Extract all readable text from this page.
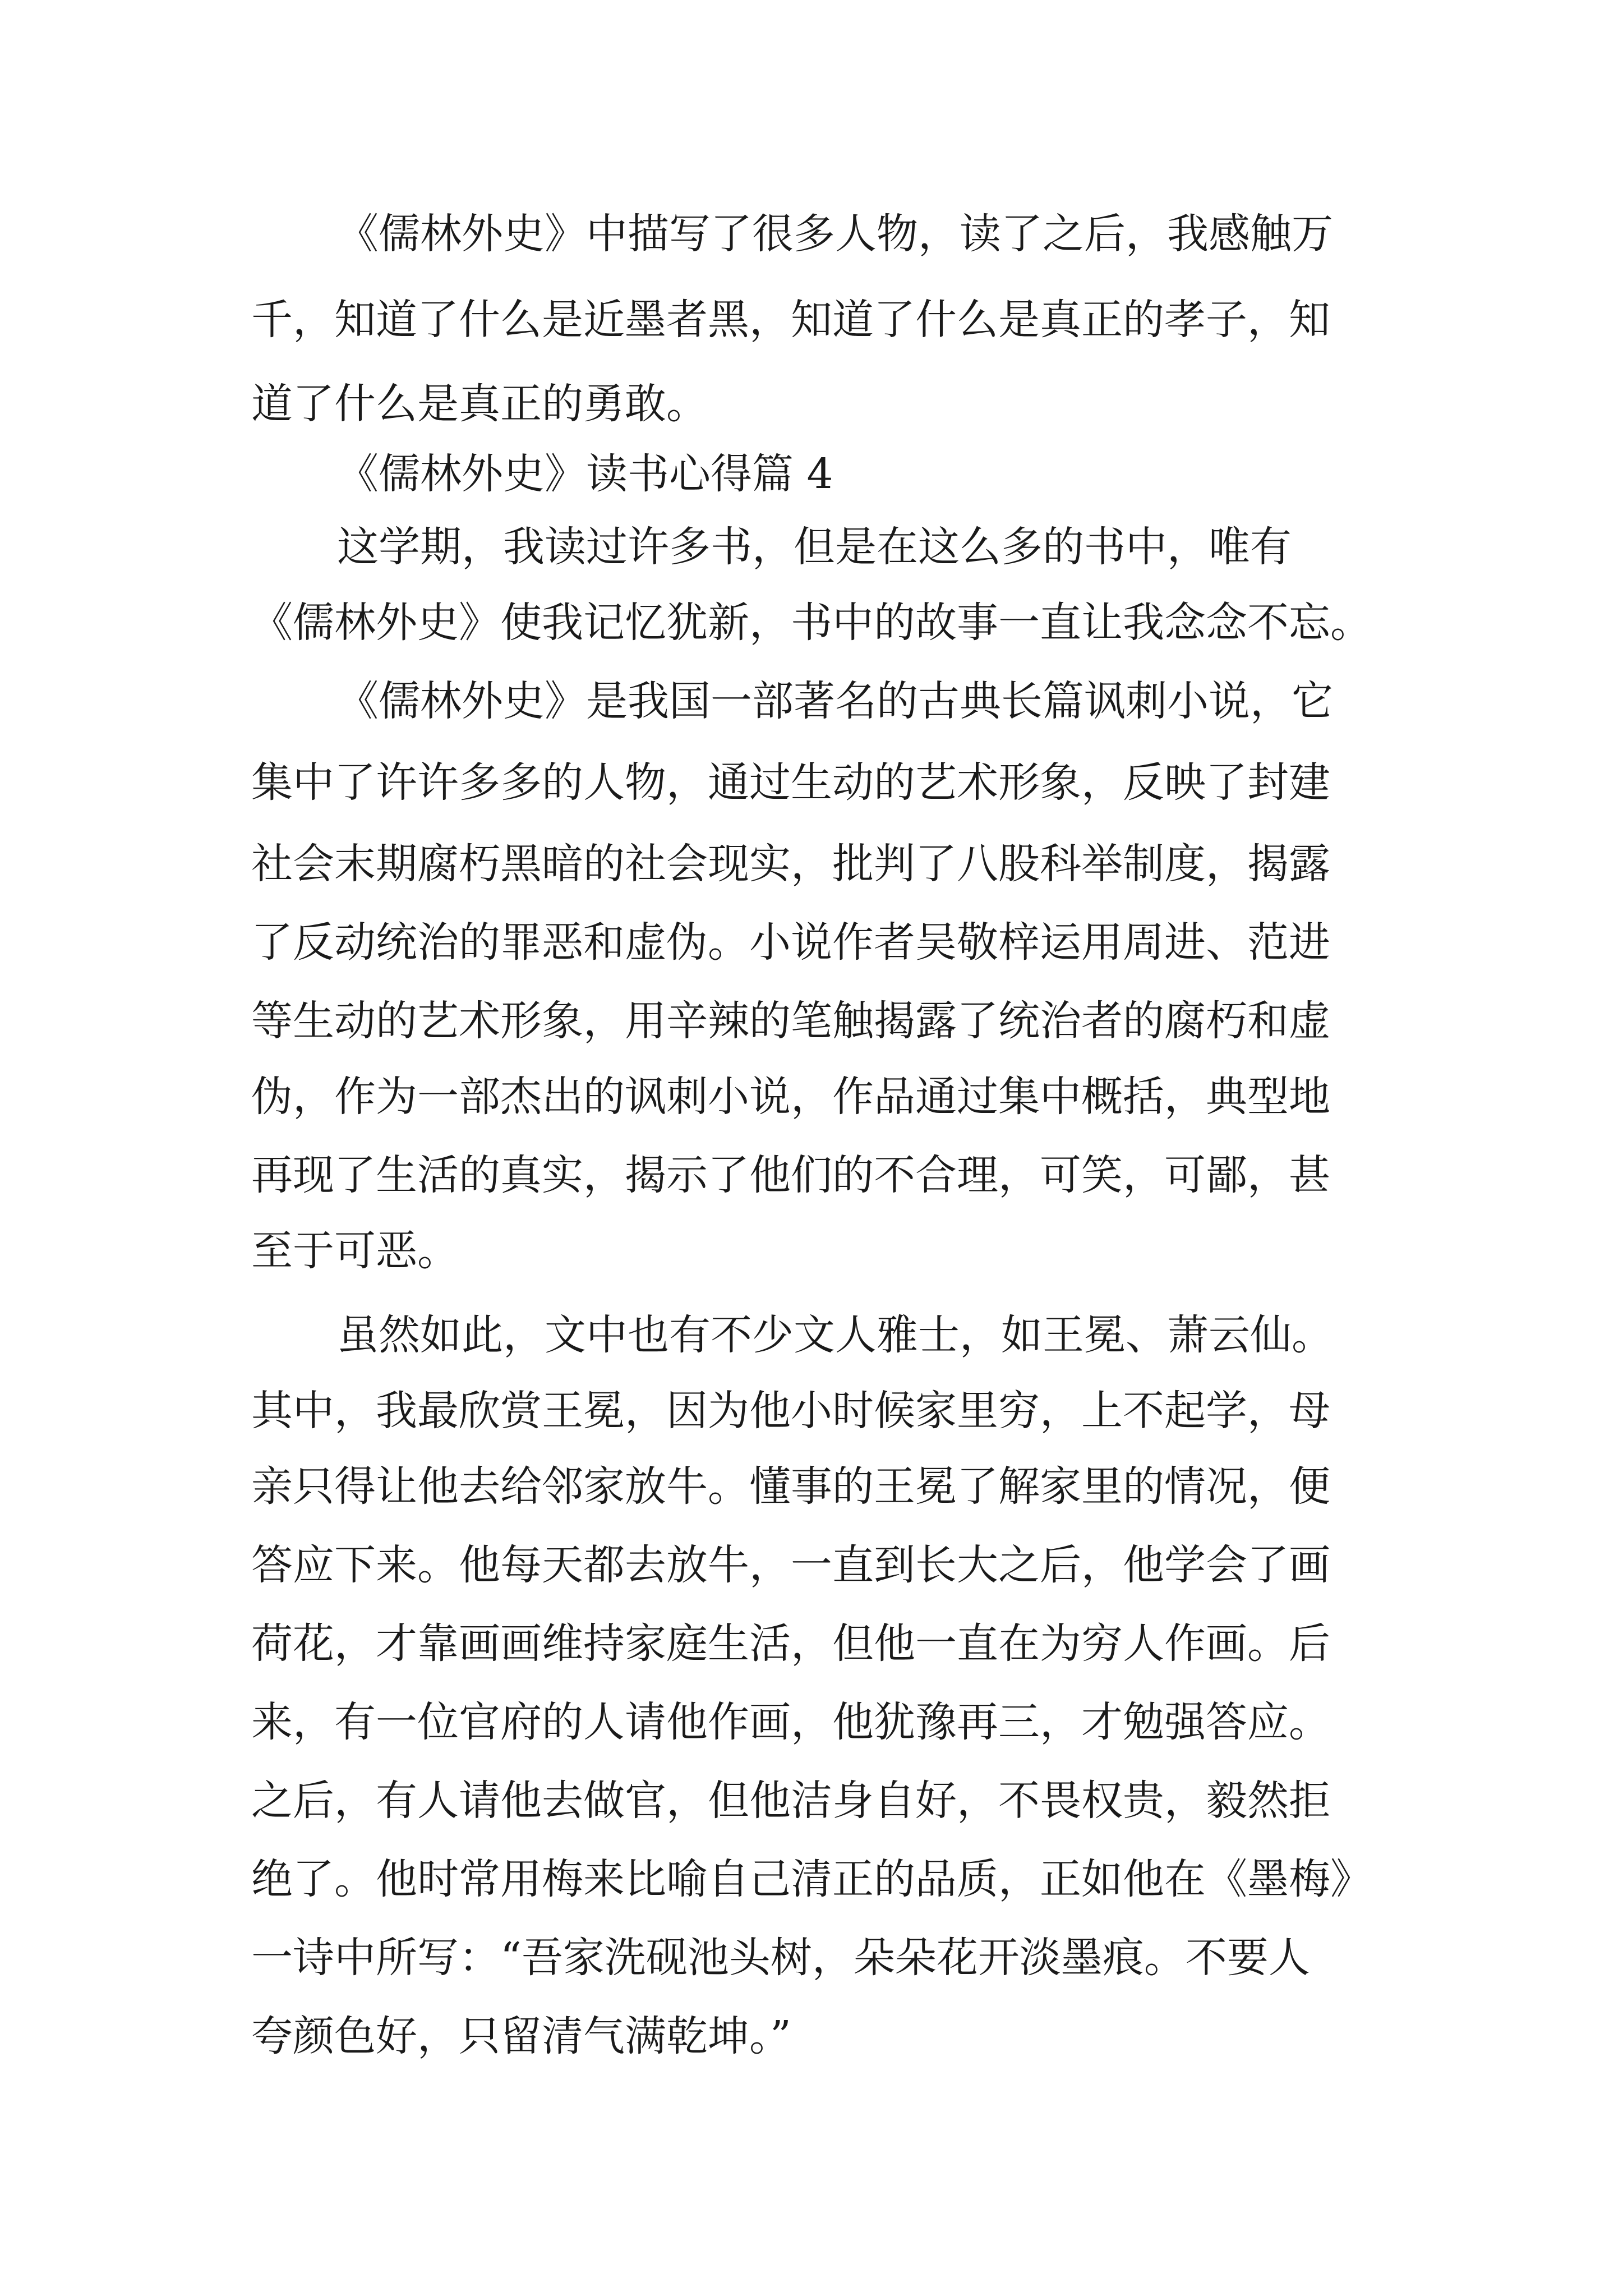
《儒林外史》中描写了很多人物，读了之后，我感触万
千，知道了什么是近墨者黑，知道了什么是真正的孝子，知
道了什么是真正的勇敢。
《儒林外史》读书心得篇 4
这学期，我读过许多书，但是在这么多的书中，唯有
《儒林外史》使我记忆犹新，书中的故事一直让我念念不忘。
《儒林外史》是我国一部著名的古典长篇讽刺小说，它
集中了许许多多的人物，通过生动的艺术形象，反映了封建
社会末期腐朽黑暗的社会现实，批判了八股科举制度，揭露
了反动统治的罪恶和虚伪。小说作者吴敬梓运用周进、范进
等生动的艺术形象，用辛辣的笔触揭露了统治者的腐朽和虚
伪，作为一部杰出的讽刺小说，作品通过集中概括，典型地
再现了生活的真实，揭示了他们的不合理，可笑，可鄙，甚
至于可恶。
虽然如此，文中也有不少文人雅士，如王冕、萧云仙。
其中，我最欣赏王冕，因为他小时候家里穷，上不起学，母
亲只得让他去给邻家放牛。懂事的王冕了解家里的情况，便
答应下来。他每天都去放牛，一直到长大之后，他学会了画
荷花，才靠画画维持家庭生活，但他一直在为穷人作画。后
来，有一位官府的人请他作画，他犹豫再三，才勉强答应。
之后，有人请他去做官，但他洁身自好，不畏权贵，毅然拒
绝了。他时常用梅来比喻自己清正的品质，正如他在《墨梅》
一诗中所写：“吾家洗砚池头树，朵朵花开淡墨痕。不要人
夸颜色好，只留清气满乾坤。”
